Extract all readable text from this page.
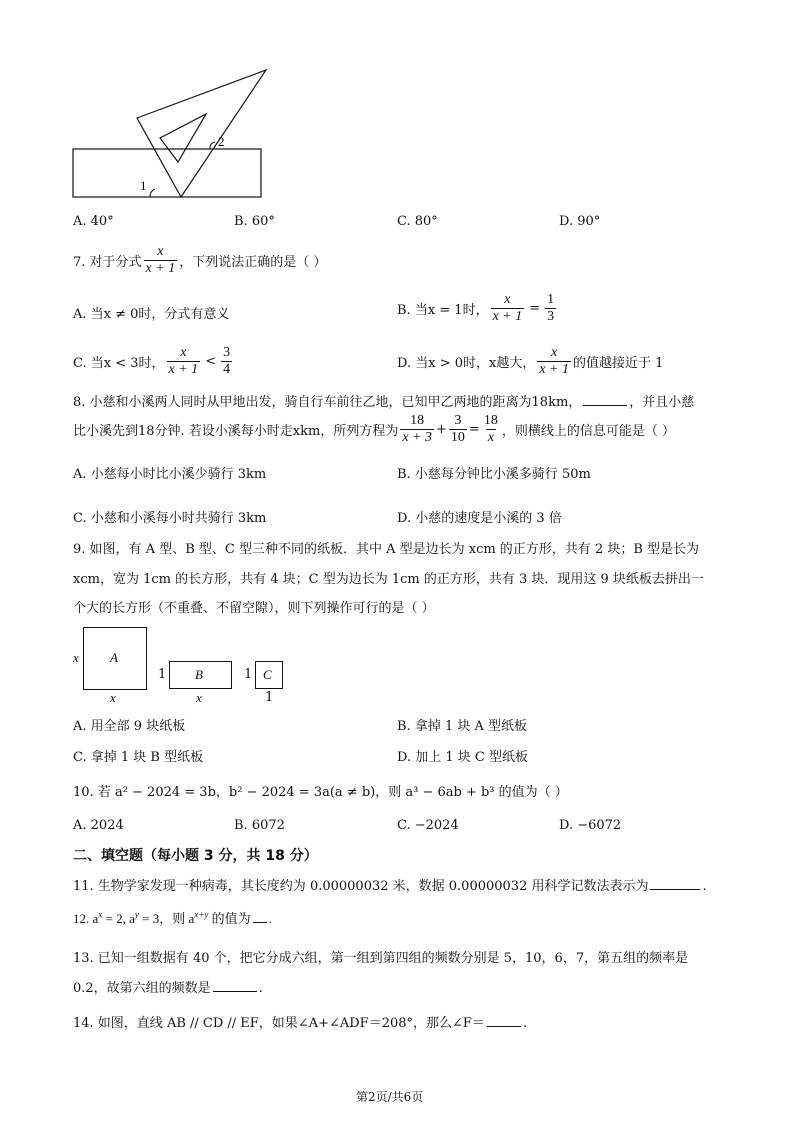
1
2
A. 40°	B. 60°	C. 80°	D. 90°
7. 对于分式 $\frac{x}{x + 1}$ ，下列说法正确的是（ ）
A. 当x ≠ 0时，分式有意义	B. 当x = 1时， $\frac{x}{x + 1} = \frac{1}{3}$
C. 当x < 3时， $\frac{x}{x + 1} < \frac{3}{4}$	D. 当x > 0时，x越大， $\frac{x}{x + 1}$ 的值越接近于 1
8. 小慈和小溪两人同时从甲地出发，骑自行车前往乙地，已知甲乙两地的距离为18km，	，并且小慈
比小溪先到18分钟. 若设小溪每小时走xkm，所列方程为 $\frac{18}{x + 3} + \frac{3}{10} = \frac{18}{x}$ ，则横线上的信息可能是（ ）
A. 小慈每小时比小溪少骑行 3km	B. 小慈每分钟比小溪多骑行 50m
C. 小慈和小溪每小时共骑行 3km	D. 小慈的速度是小溪的 3 倍
9. 如图，有 A 型、B 型、C 型三种不同的纸板．其中 A 型是边长为 xcm 的正方形，共有 2 块；B 型是长为
xcm，宽为 1cm 的长方形，共有 4 块；C 型为边长为 1cm 的正方形，共有 3 块．现用这 9 块纸板去拼出一
个大的长方形（不重叠、不留空隙），则下列操作可行的是（ ）
A
x
x
B
1
x
C
1
1
A. 用全部 9 块纸板	B. 拿掉 1 块 A 型纸板
C. 拿掉 1 块 B 型纸板	D. 加上 1 块 C 型纸板
10. 若 a² − 2024 = 3b，b² − 2024 = 3a(a ≠ b)，则 a³ − 6ab + b³ 的值为（ ）
A. 2024	B. 6072	C. −2024	D. −6072
二、填空题（每小题 3 分，共 18 分）
11. 生物学家发现一种病毒，其长度约为 0.00000032 米，数据 0.00000032 用科学记数法表示为	.
12. $a^x = 2$, $a^y = 3$，则 $a^{x+y}$ 的值为 .
13. 已知一组数据有 40 个，把它分成六组，第一组到第四组的频数分别是 5，10，6，7，第五组的频率是
0.2，故第六组的频数是	.
14. 如图，直线 AB // CD // EF，如果∠A+∠ADF＝208°，那么∠F＝	.
第2页/共6页
